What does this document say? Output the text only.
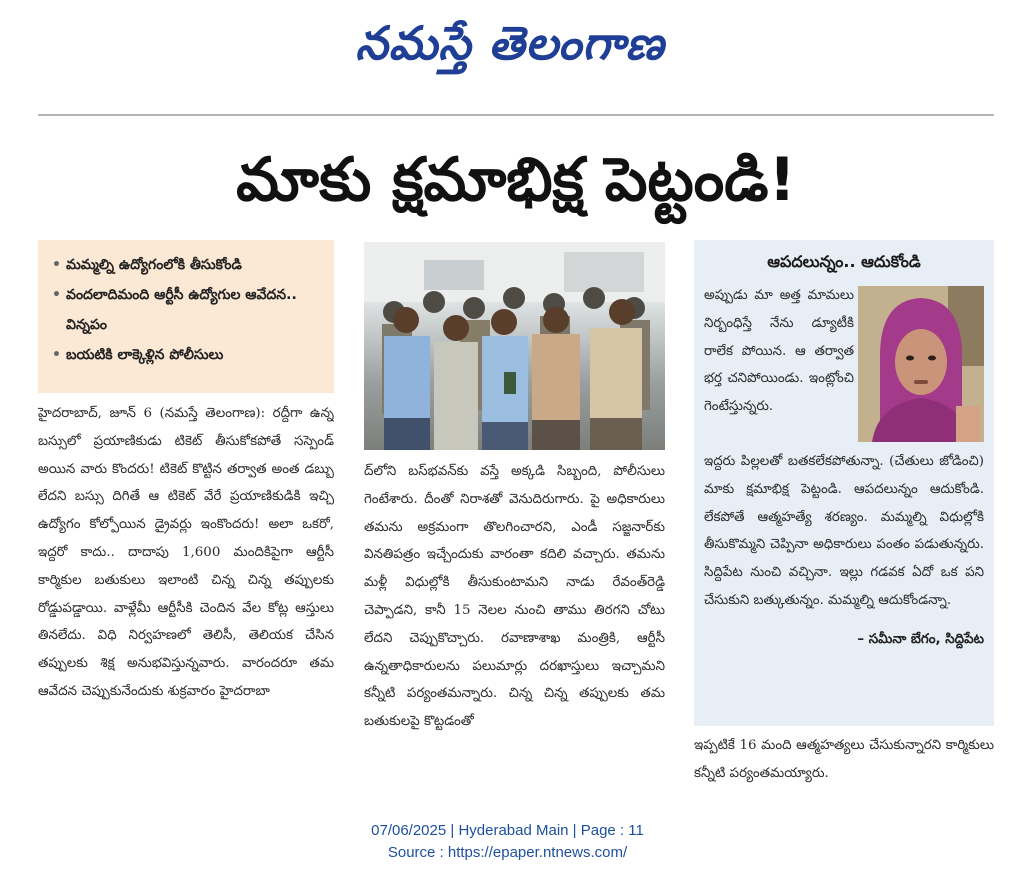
నమస్తే తెలంగాణ
మాకు క్షమాభిక్ష పెట్టండి!
• మమ్మల్ని ఉద్యోగంలోకి తీసుకోండి
• వందలాదిమంది ఆర్టీసీ ఉద్యోగుల ఆవేదన.. విన్నపం
• బయటికి లాక్కెళ్లిన పోలీసులు
హైదరాబాద్, జూన్ 6 (నమస్తే తెలంగాణ): రద్దీగా ఉన్న బస్సులో ప్రయాణికుడు టికెట్ తీసుకోకపోతే సస్పెండ్ అయిన వారు కొందరు! టికెట్ కొట్టిన తర్వాత అంత డబ్బు లేదని బస్సు దిగితే ఆ టికెట్ వేరే ప్రయాణికుడికి ఇచ్చి ఉద్యోగం కోల్పోయిన డ్రైవర్లు ఇంకొందరు! అలా ఒకరో, ఇద్దరో కాదు.. దాదాపు 1,600 మందికిపైగా ఆర్టీసీ కార్మికుల బతుకులు ఇలాంటి చిన్న చిన్న తప్పులకు రోడ్డుపడ్డాయి. వాళ్లేమీ ఆర్టీసీకి చెందిన వేల కోట్ల ఆస్తులు తినలేదు. విధి నిర్వహణలో తెలిసీ, తెలియక చేసిన తప్పులకు శిక్ష అనుభవిస్తున్నవారు. వారందరూ తమ ఆవేదన చెప్పుకునేందుకు శుక్రవారం హైదరాబా
ద్‌లోని బస్‌భవన్‌కు వస్తే అక్కడి సిబ్బంది, పోలీసులు గెంటేశారు. దీంతో నిరాశతో వెనుదిరుగారు. పై అధికారులు తమను అక్రమంగా తొలగించారని, ఎండీ సజ్జనార్‌కు వినతిపత్రం ఇచ్చేందుకు వారంతా కదిలి వచ్చారు. తమను మళ్లీ విధుల్లోకి తీసుకుంటామని నాడు రేవంత్‌రెడ్డి చెప్పాడని, కానీ 15 నెలల నుంచి తాము తిరగని చోటు లేదని చెప్పుకొచ్చారు. రవాణాశాఖ మంత్రికి, ఆర్టీసీ ఉన్నతాధికారులను పలుమార్లు దరఖాస్తులు ఇచ్చామని కన్నీటి పర్యంతమన్నారు. చిన్న చిన్న తప్పులకు తమ బతుకులపై కొట్టడంతో
ఆపదలున్నం.. ఆదుకోండి
అప్పుడు మా అత్త మామలు నిర్బంధిస్తే నేను డ్యూటీకి రాలేక పోయిన. ఆ తర్వాత భర్త చనిపోయిండు. ఇంట్లోంచి గెంటేస్తున్నరు.
ఇద్దరు పిల్లలతో బతకలేకపోతున్నా. (చేతులు జోడించి) మాకు క్షమాభిక్ష పెట్టండి. ఆపదలున్నం ఆదుకోండి. లేకపోతే ఆత్మహత్యే శరణ్యం. మమ్మల్ని విధుల్లోకి తీసుకొమ్మని చెప్పినా అధికారులు పంతం పడుతున్నరు. సిద్దిపేట నుంచి వచ్చినా. ఇల్లు గడవక ఏదో ఒక పని చేసుకుని బత్కుతున్నం. మమ్మల్ని ఆదుకోండన్నా.
– సమీనా బేగం, సిద్దిపేట
ఇప్పటికే 16 మంది ఆత్మహత్యలు చేసుకున్నారని కార్మికులు కన్నీటి పర్యంతమయ్యారు.
07/06/2025 | Hyderabad Main | Page : 11
Source : https://epaper.ntnews.com/
